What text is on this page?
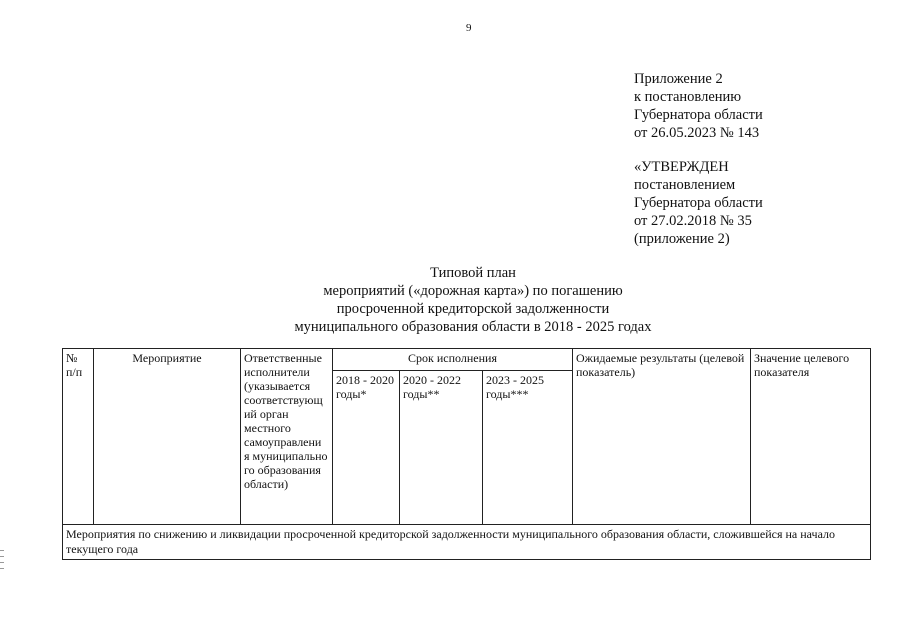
9
Приложение 2
к постановлению
Губернатора области
от 26.05.2023 № 143
«УТВЕРЖДЕН
постановлением
Губернатора области
от 27.02.2018 № 35
(приложение 2)
Типовой план
мероприятий («дорожная карта») по погашению
просроченной кредиторской задолженности
муниципального образования области в 2018 - 2025 годах
№ п/п	Мероприятие	Ответственные исполнители (указывается соответствующ ий орган местного самоуправлени я муниципально го образования области)	Срок исполнения			Ожидаемые результаты (целевой показатель)	Значение целевого показателя
			2018 - 2020 годы*	2020 - 2022 годы**	2023 - 2025 годы***		
Мероприятия по снижению и ликвидации просроченной кредиторской задолженности муниципального образования области, сложившейся на начало текущего года							
